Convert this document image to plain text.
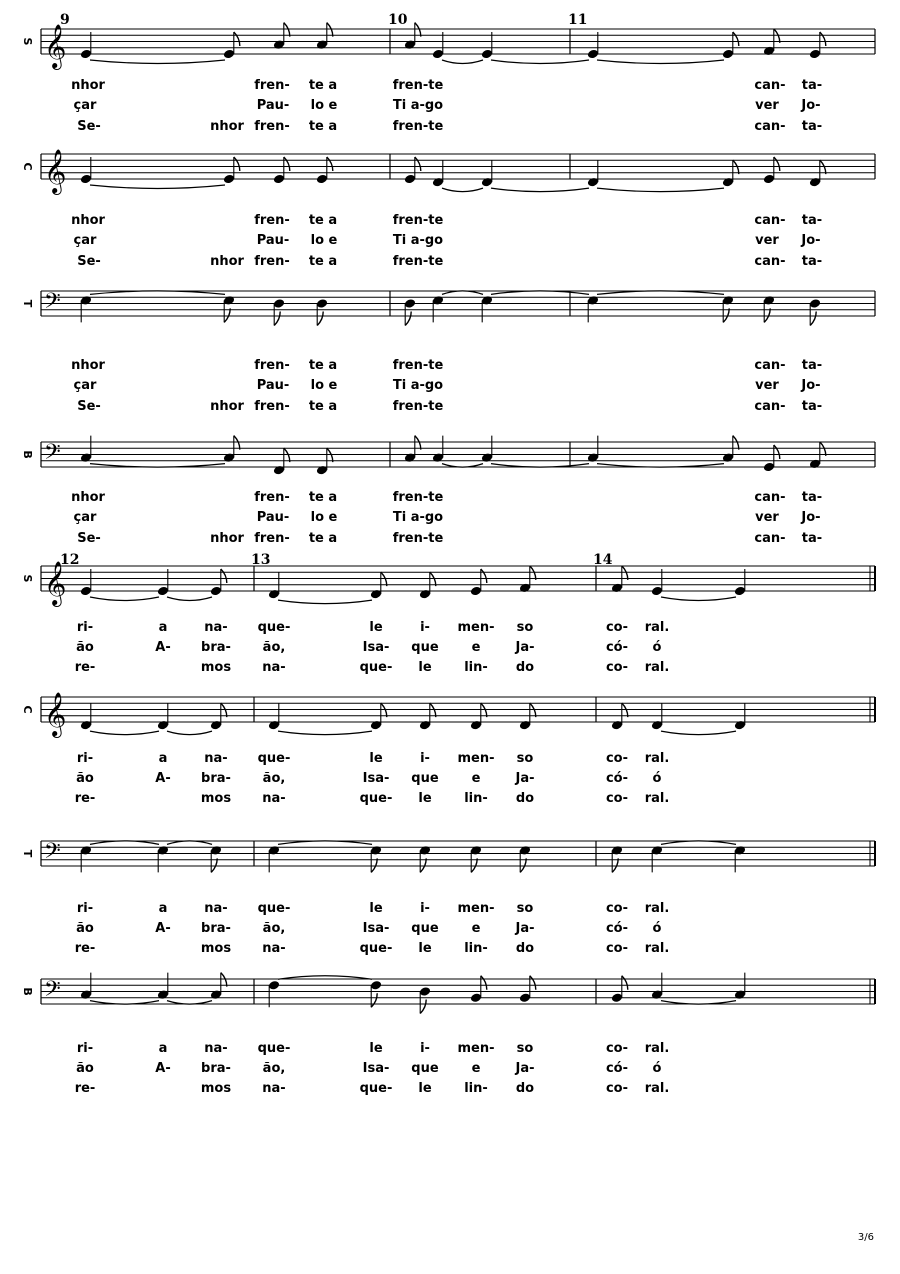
9	10	11
S 𝄞
nhor	fren- te a	fren-te	can- ta-
çar	Pau- lo e	Ti a-go	ver Jo-
Se-	nhor fren- te a	fren-te	can- ta-
C 𝄞
nhor	fren- te a	fren-te	can- ta-
çar	Pau- lo e	Ti a-go	ver Jo-
Se-	nhor fren- te a	fren-te	can- ta-
T 𝄢
nhor	fren- te a	fren-te	can- ta-
çar	Pau- lo e	Ti a-go	ver Jo-
Se-	nhor fren- te a	fren-te	can- ta-
B 𝄢
nhor	fren- te a	fren-te	can- ta-
çar	Pau- lo e	Ti a-go	ver Jo-
Se-	nhor fren- te a	fren-te	can- ta-
12	13	14
S 𝄞
ri-	a	na- que-	le	i- men- so	co- ral.
ão	A- bra- ão,	Isa- que	e	Ja-	có- ó
re-	mos na-	que- le	lin- do	co- ral.
C 𝄞
ri-	a	na- que-	le	i- men- so	co- ral.
ão	A- bra- ão,	Isa- que	e	Ja-	có- ó
re-	mos na-	que- le	lin- do	co- ral.
T 𝄢
ri-	a	na- que-	le	i- men- so	co- ral.
ão	A- bra- ão,	Isa- que	e	Ja-	có- ó
re-	mos na-	que- le	lin- do	co- ral.
B 𝄢
ri-	a	na- que-	le	i- men- so	co- ral.
ão	A- bra- ão,	Isa- que	e	Ja-	có- ó
re-	mos na-	que- le	lin- do	co- ral.
3/6
